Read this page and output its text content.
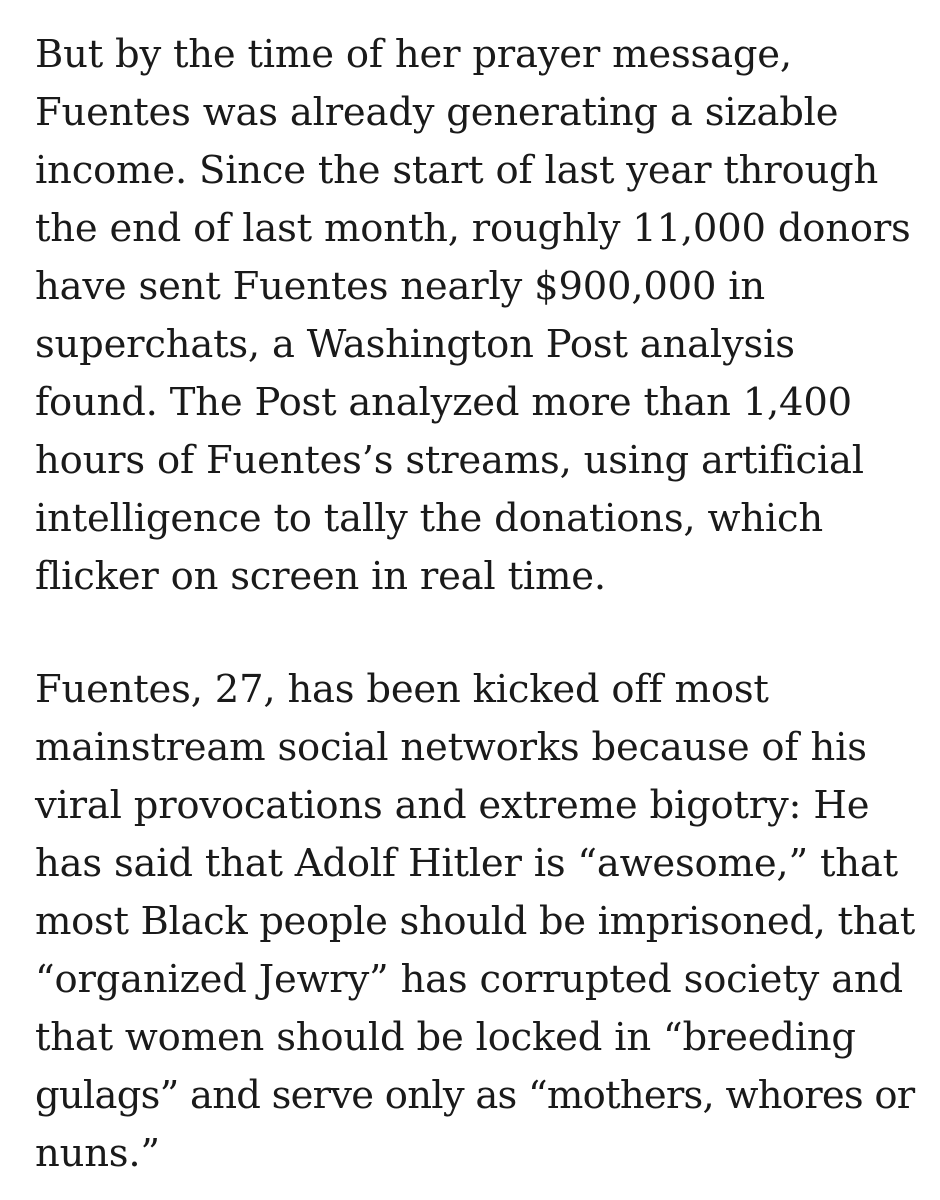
But by the time of her prayer message,
Fuentes was already generating a sizable
income. Since the start of last year through
the end of last month, roughly 11,000 donors
have sent Fuentes nearly $900,000 in
superchats, a Washington Post analysis
found. The Post analyzed more than 1,400
hours of Fuentes’s streams, using artificial
intelligence to tally the donations, which
flicker on screen in real time.

Fuentes, 27, has been kicked off most
mainstream social networks because of his
viral provocations and extreme bigotry: He
has said that Adolf Hitler is “awesome,” that
most Black people should be imprisoned, that
“organized Jewry” has corrupted society and
that women should be locked in “breeding
gulags” and serve only as “mothers, whores or
nuns.”
